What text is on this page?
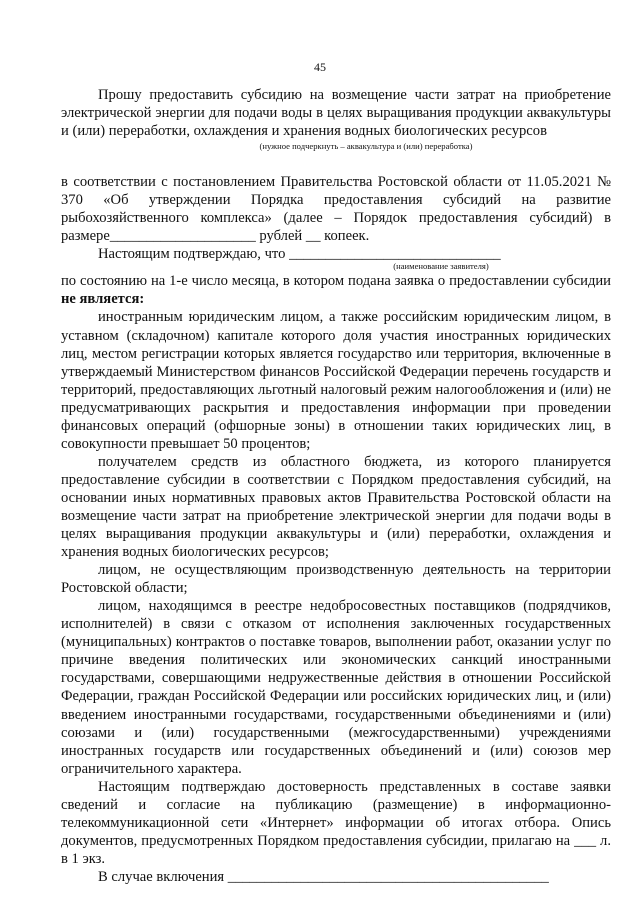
45

Прошу предоставить субсидию на возмещение части затрат на приобретение электрической энергии для подачи воды в целях выращивания продукции аквакультуры и (или) переработки, охлаждения и хранения водных биологических ресурсов

(нужное подчеркнуть – аквакультура и (или) переработка)

в соответствии с постановлением Правительства Ростовской области от 11.05.2021 № 370 «Об утверждении Порядка предоставления субсидий на развитие рыбохозяйственного комплекса» (далее – Порядок предоставления субсидий) в размере____________________ рублей __ копеек.

Настоящим подтверждаю, что _____________________________

(наименование заявителя)

по состоянию на 1-е число месяца, в котором подана заявка о предоставлении субсидии не является:

иностранным юридическим лицом, а также российским юридическим лицом, в уставном (складочном) капитале которого доля участия иностранных юридических лиц, местом регистрации которых является государство или территория, включенные в утверждаемый Министерством финансов Российской Федерации перечень государств и территорий, предоставляющих льготный налоговый режим налогообложения и (или) не предусматривающих раскрытия и предоставления информации при проведении финансовых операций (офшорные зоны) в отношении таких юридических лиц, в совокупности превышает 50 процентов;

получателем средств из областного бюджета, из которого планируется предоставление субсидии в соответствии с Порядком предоставления субсидий, на основании иных нормативных правовых актов Правительства Ростовской области на возмещение части затрат на приобретение электрической энергии для подачи воды в целях выращивания продукции аквакультуры и (или) переработки, охлаждения и хранения водных биологических ресурсов;

лицом, не осуществляющим производственную деятельность на территории Ростовской области;

лицом, находящимся в реестре недобросовестных поставщиков (подрядчиков, исполнителей) в связи с отказом от исполнения заключенных государственных (муниципальных) контрактов о поставке товаров, выполнении работ, оказании услуг по причине введения политических или экономических санкций иностранными государствами, совершающими недружественные действия в отношении Российской Федерации, граждан Российской Федерации или российских юридических лиц, и (или) введением иностранными государствами, государственными объединениями и (или) союзами и (или) государственными (межгосударственными) учреждениями иностранных государств или государственных объединений и (или) союзов мер ограничительного характера.

Настоящим подтверждаю достоверность представленных в составе заявки сведений и согласие на публикацию (размещение) в информационно-телекоммуникационной сети «Интернет» информации об итогах отбора. Опись документов, предусмотренных Порядком предоставления субсидии, прилагаю на ___ л. в 1 экз.

В случае включения ____________________________________________
